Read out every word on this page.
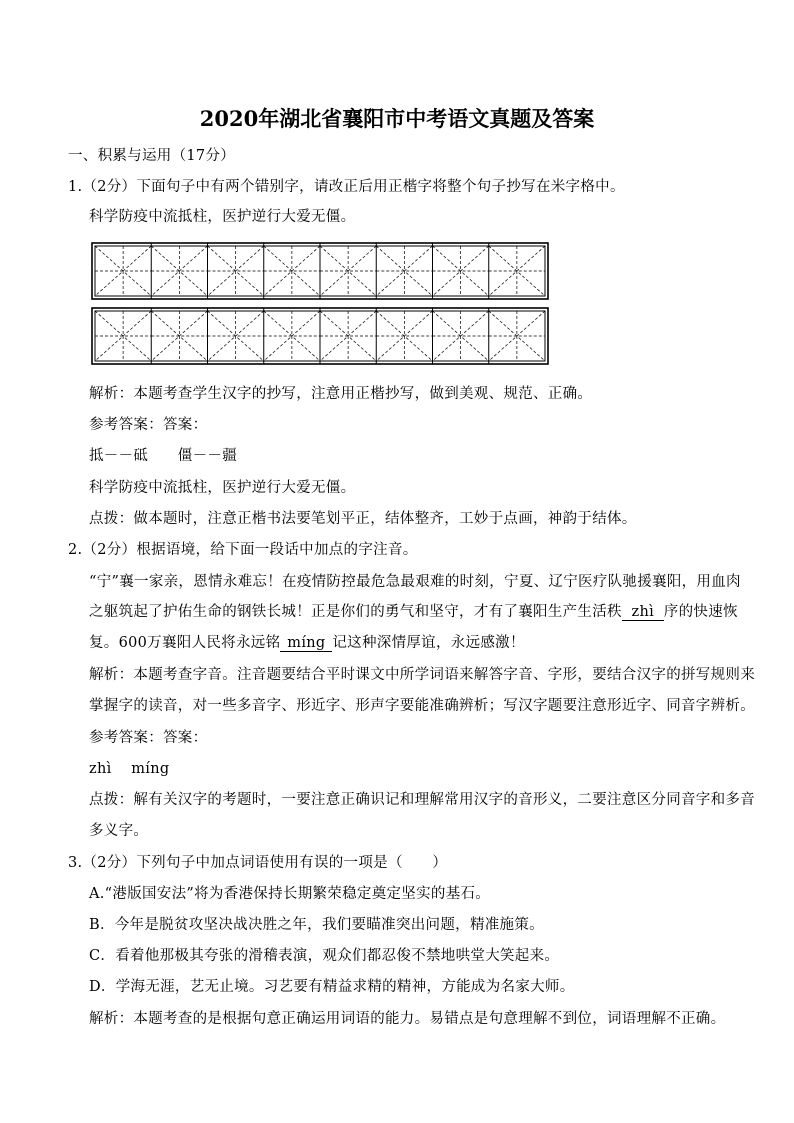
2020年湖北省襄阳市中考语文真题及答案
一、积累与运用（17分）
1.（2分）下面句子中有两个错别字，请改正后用正楷字将整个句子抄写在米字格中。
科学防疫中流抵柱，医护逆行大爱无僵。
解析：本题考查学生汉字的抄写，注意用正楷抄写，做到美观、规范、正确。
参考答案：答案：
抵－－砥　　僵－－疆
科学防疫中流抵柱，医护逆行大爱无僵。
点拨：做本题时，注意正楷书法要笔划平正，结体整齐，工妙于点画，神韵于结体。
2.（2分）根据语境，给下面一段话中加点的字注音。
“宁”襄一家亲，恩情永难忘！在疫情防控最危急最艰难的时刻，宁夏、辽宁医疗队驰援襄阳，用血肉
之躯筑起了护佑生命的钢铁长城！正是你们的勇气和坚守，才有了襄阳生产生活秩 zhì 序的快速恢
复。600万襄阳人民将永远铭 míng 记这种深情厚谊，永远感激！
解析：本题考查字音。注音题要结合平时课文中所学词语来解答字音、字形，要结合汉字的拼写规则来
掌握字的读音，对一些多音字、形近字、形声字要能准确辨析；写汉字题要注意形近字、同音字辨析。
参考答案：答案：
zhì　 míng
点拨：解有关汉字的考题时，一要注意正确识记和理解常用汉字的音形义，二要注意区分同音字和多音
多义字。
3.（2分）下列句子中加点词语使用有误的一项是（　　）
A.“港版国安法”将为香港保持长期繁荣稳定奠定坚实的基石。
B．今年是脱贫攻坚决战决胜之年，我们要瞄准突出问题，精准施策。
C．看着他那极其夸张的滑稽表演，观众们都忍俊不禁地哄堂大笑起来。
D．学海无涯，艺无止境。习艺要有精益求精的精神，方能成为名家大师。
解析：本题考查的是根据句意正确运用词语的能力。易错点是句意理解不到位，词语理解不正确。
